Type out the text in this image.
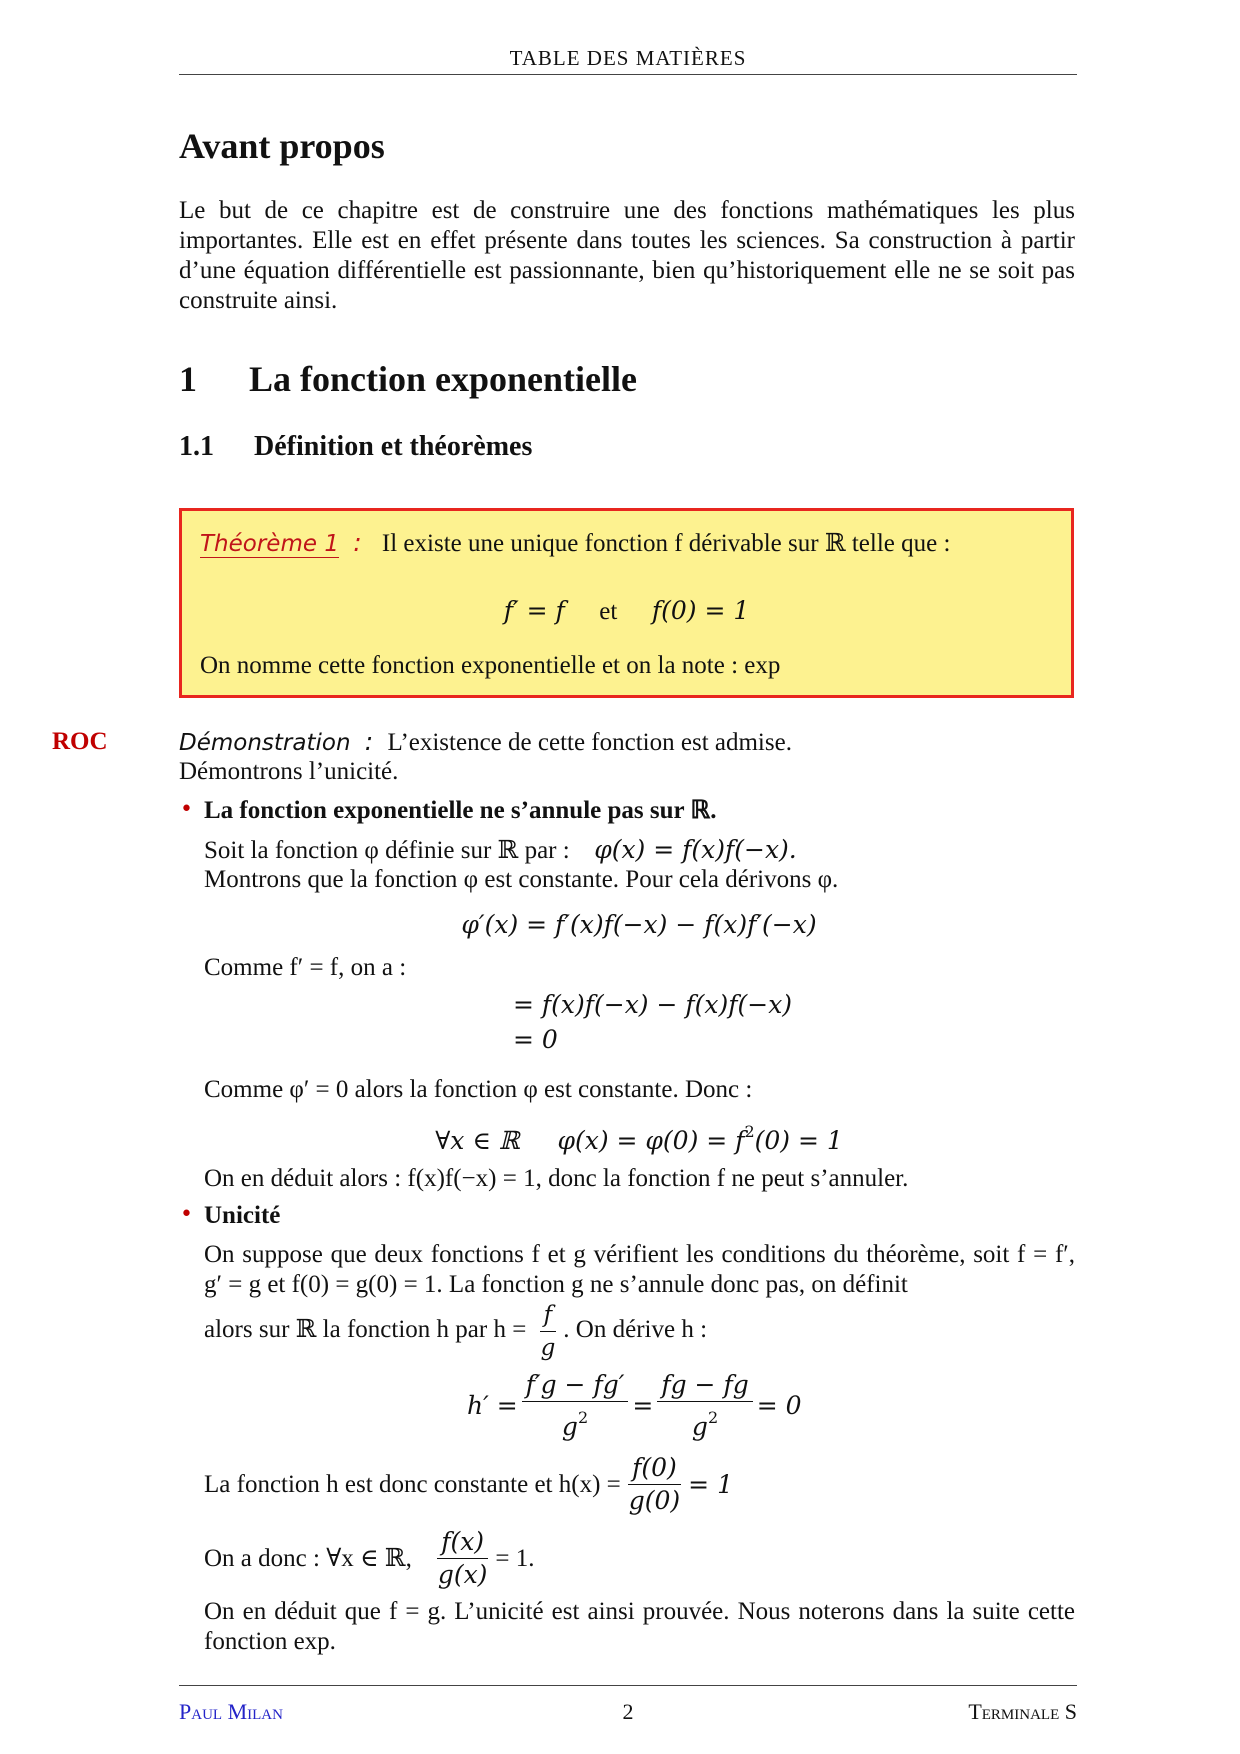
TABLE DES MATIÈRES
Avant propos
Le but de ce chapitre est de construire une des fonctions mathématiques les plus importantes. Elle est en effet présente dans toutes les sciences. Sa construction à partir d’une équation différentielle est passionnante, bien qu’historiquement elle ne se soit pas construite ainsi.
1 La fonction exponentielle
1.1 Définition et théorèmes
Théorème 1 : Il existe une unique fonction f dérivable sur ℝ telle que :
f′ = f et f(0) = 1
On nomme cette fonction exponentielle et on la note : exp
ROC	Démonstration : L’existence de cette fonction est admise.
Démontrons l’unicité.
• La fonction exponentielle ne s’annule pas sur ℝ.
Soit la fonction φ définie sur ℝ par : φ(x) = f(x)f(−x).
Montrons que la fonction φ est constante. Pour cela dérivons φ.
φ′(x) = f′(x)f(−x) − f(x)f′(−x)
Comme f′ = f, on a :
= f(x)f(−x) − f(x)f(−x)
= 0
Comme φ′ = 0 alors la fonction φ est constante. Donc :
∀x ∈ ℝ $\varphi(x) = \varphi(0) = f^2(0) = 1$
On en déduit alors : f(x)f(−x) = 1, donc la fonction f ne peut s’annuler.
• Unicité
On suppose que deux fonctions f et g vérifient les conditions du théorème, soit f = f′, g′ = g et f(0) = g(0) = 1. La fonction g ne s’annule donc pas, on définit
alors sur ℝ la fonction h par $h = \frac{f}{g}$ . On dérive h :
$h' = \frac{f'g - fg'}{g^2} = \frac{fg - fg}{g^2} = 0$
La fonction h est donc constante et $h(x) = \frac{f(0)}{g(0)} = 1$
On a donc : ∀x ∈ ℝ, $\frac{f(x)}{g(x)} = 1$.
On en déduit que f = g. L’unicité est ainsi prouvée. Nous noterons dans la suite cette fonction exp.
Paul Milan	2	Terminale S
